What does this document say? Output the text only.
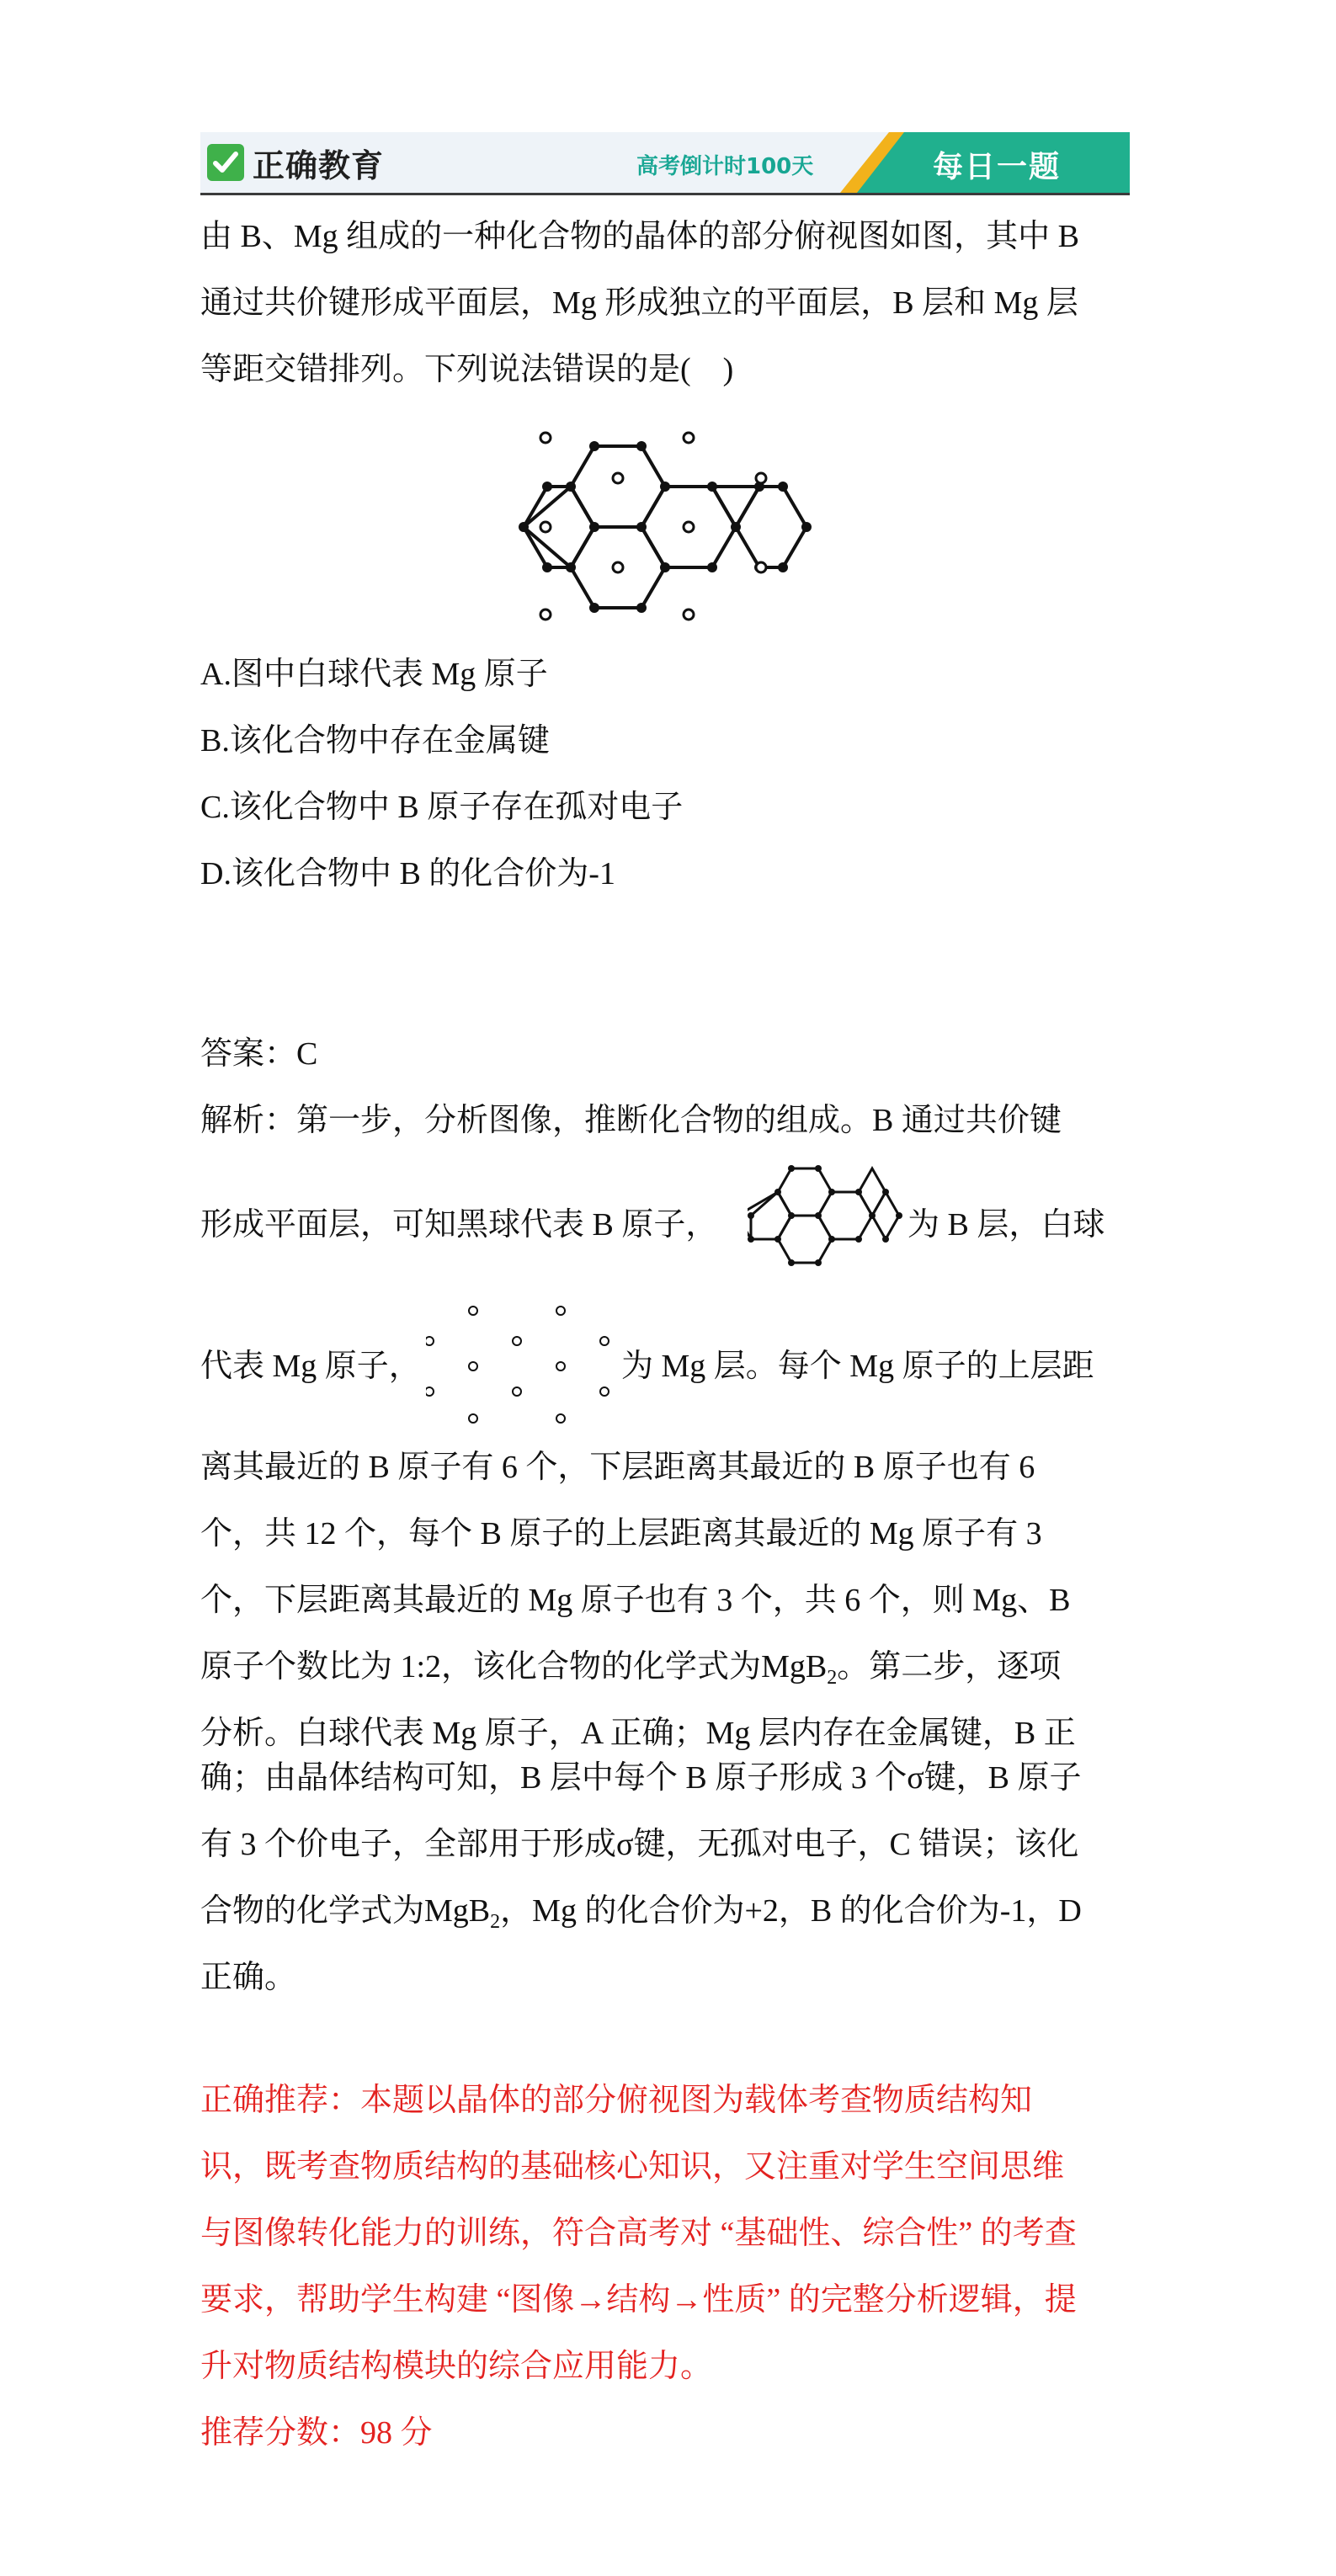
正确教育	高考倒计时100天	每日一题
由 B、Mg 组成的一种化合物的晶体的部分俯视图如图，其中 B
通过共价键形成平面层，Mg 形成独立的平面层，B 层和 Mg 层
等距交错排列。下列说法错误的是(　)
A.图中白球代表 Mg 原子
B.该化合物中存在金属键
C.该化合物中 B 原子存在孤对电子
D.该化合物中 B 的化合价为-1
答案：C
解析：第一步，分析图像，推断化合物的组成。B 通过共价键
形成平面层，可知黑球代表 B 原子，	为 B 层，白球
代表 Mg 原子，	为 Mg 层。每个 Mg 原子的上层距
离其最近的 B 原子有 6 个，下层距离其最近的 B 原子也有 6
个，共 12 个，每个 B 原子的上层距离其最近的 Mg 原子有 3
个，下层距离其最近的 Mg 原子也有 3 个，共 6 个，则 Mg、B
原子个数比为 1:2，该化合物的化学式为MgB$_2$。第二步，逐项
分析。白球代表 Mg 原子，A 正确；Mg 层内存在金属键，B 正
确；由晶体结构可知，B 层中每个 B 原子形成 3 个σ键，B 原子
有 3 个价电子，全部用于形成σ键，无孤对电子，C 错误；该化
合物的化学式为MgB$_2$，Mg 的化合价为+2，B 的化合价为-1，D
正确。
正确推荐：本题以晶体的部分俯视图为载体考查物质结构知
识，既考查物质结构的基础核心知识，又注重对学生空间思维
与图像转化能力的训练，符合高考对 “基础性、综合性” 的考查
要求，帮助学生构建 “图像→结构→性质” 的完整分析逻辑，提
升对物质结构模块的综合应用能力。
推荐分数：98 分
